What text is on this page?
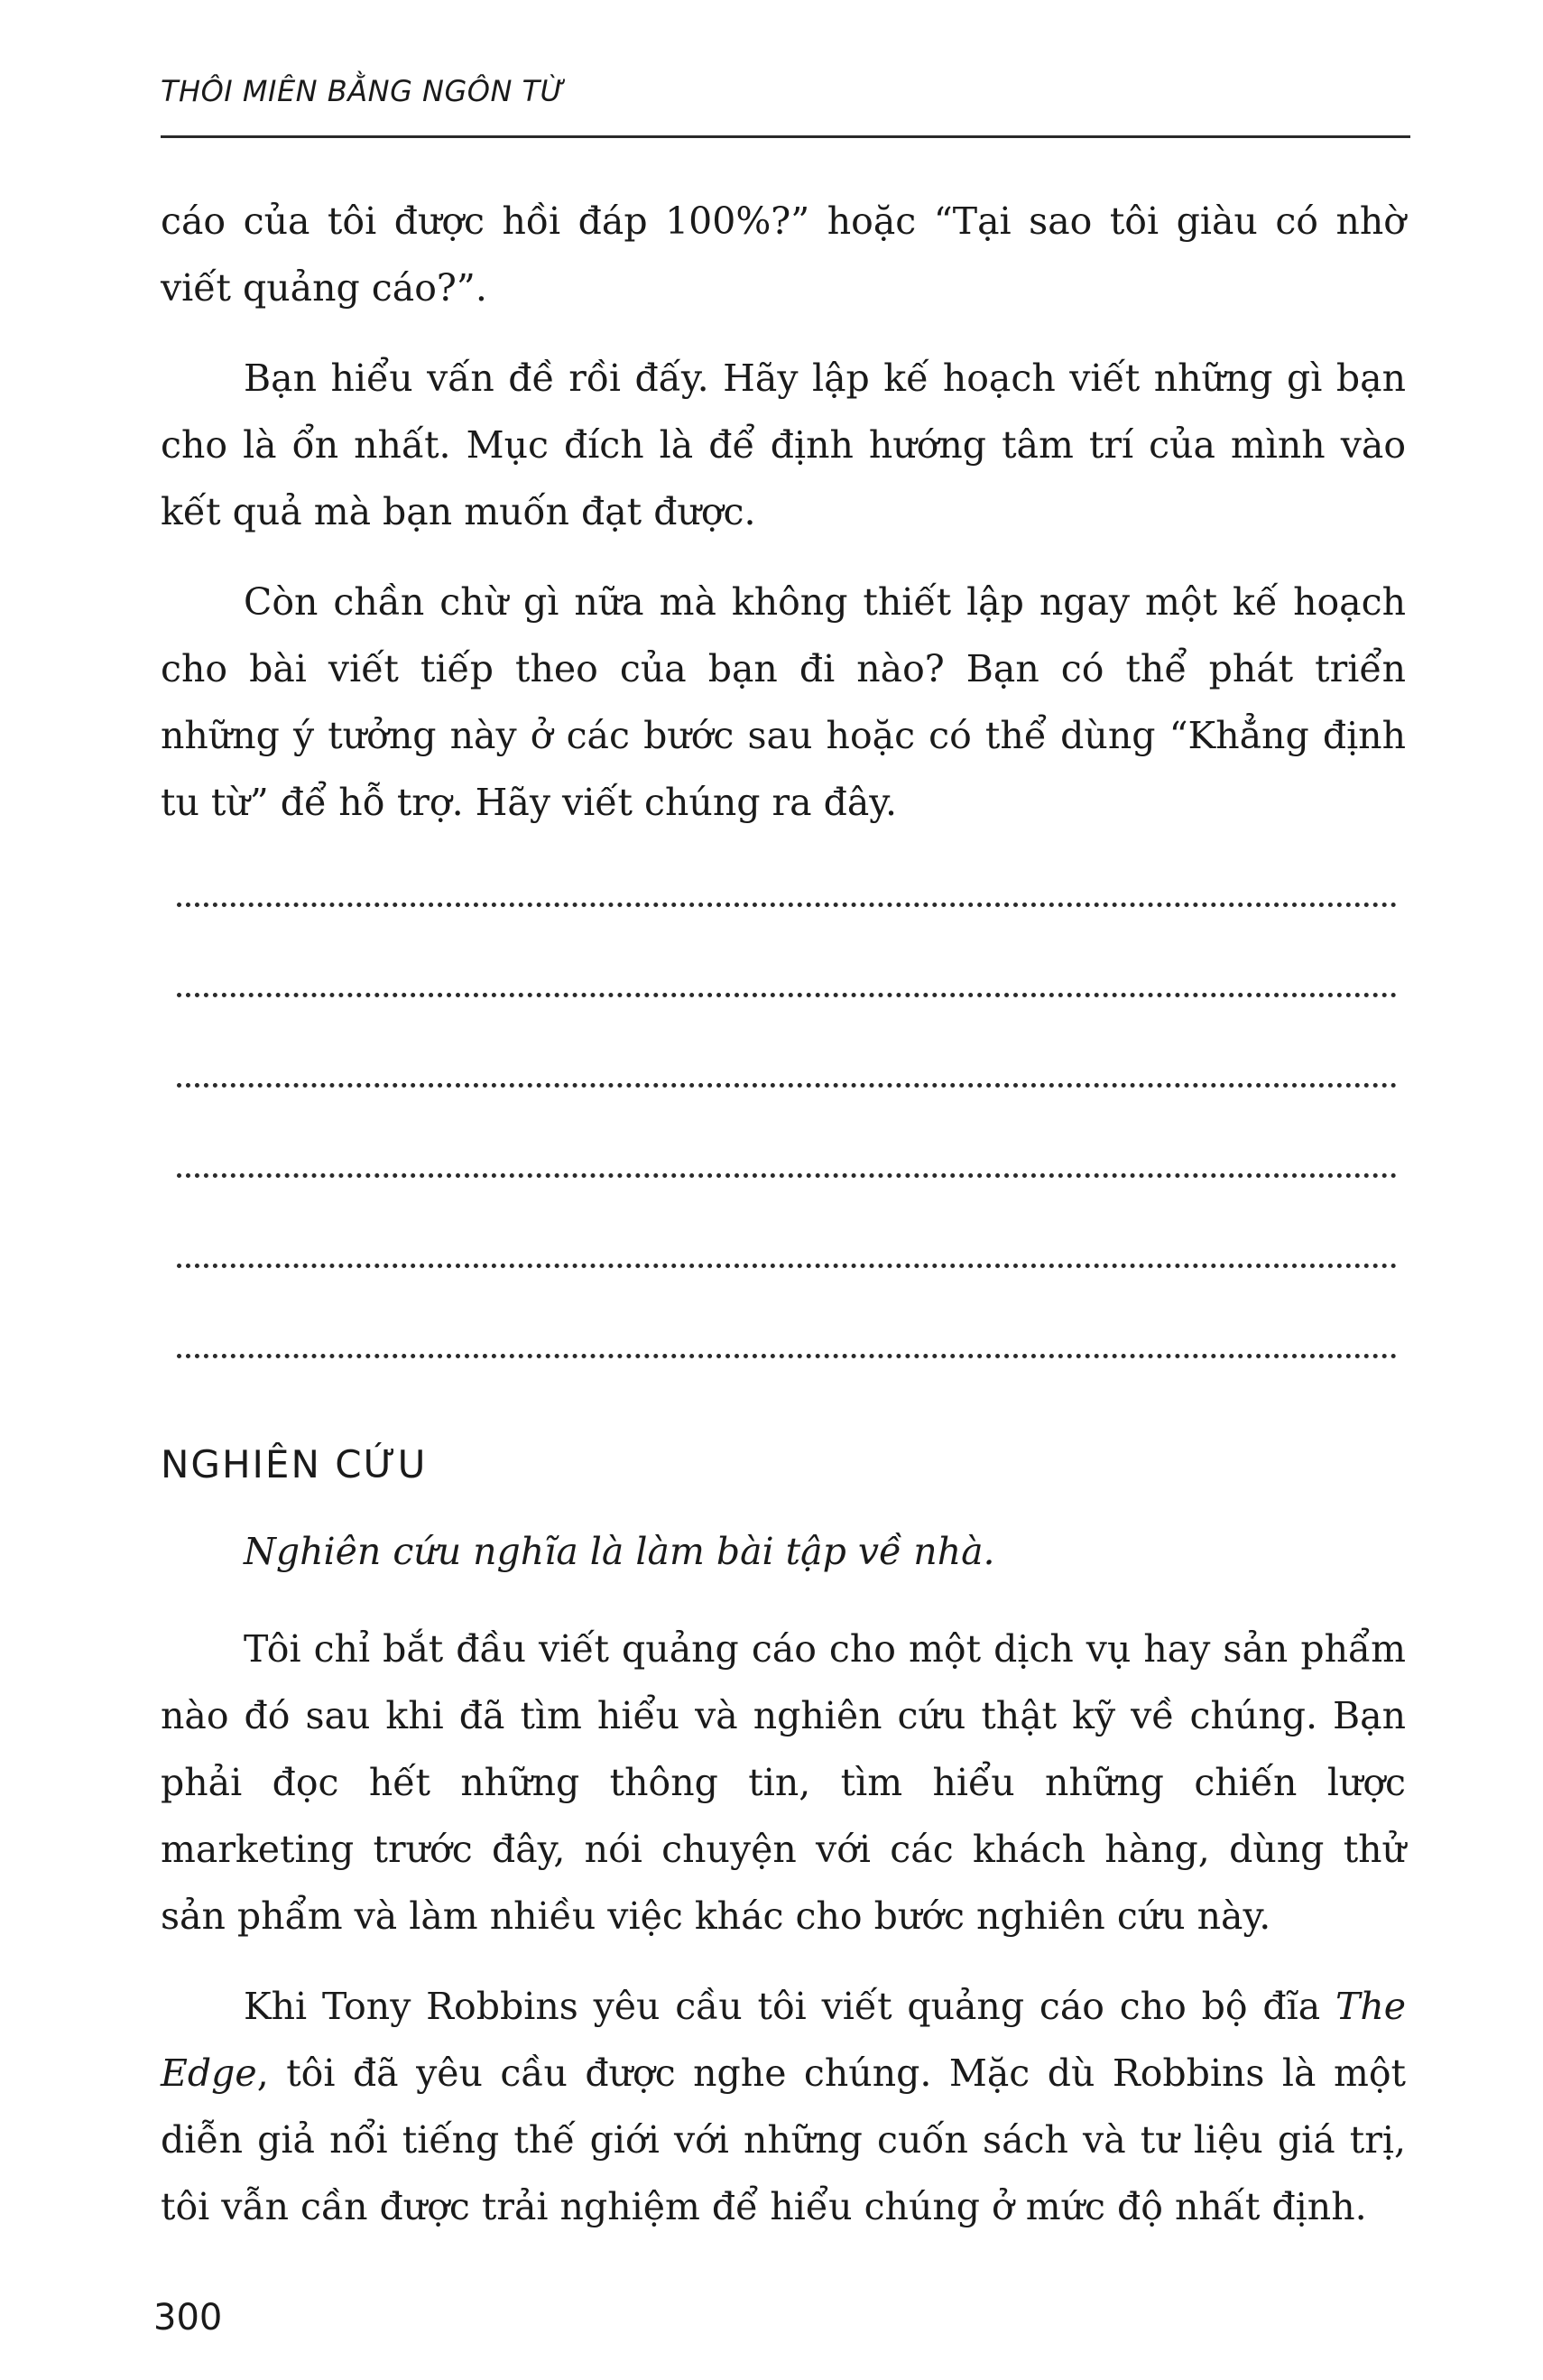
THÔI MIÊN BẰNG NGÔN TỪ

cáo của tôi được hồi đáp 100%?” hoặc “Tại sao tôi giàu có nhờ viết quảng cáo?”.

Bạn hiểu vấn đề rồi đấy. Hãy lập kế hoạch viết những gì bạn cho là ổn nhất. Mục đích là để định hướng tâm trí của mình vào kết quả mà bạn muốn đạt được.

Còn chần chừ gì nữa mà không thiết lập ngay một kế hoạch cho bài viết tiếp theo của bạn đi nào? Bạn có thể phát triển những ý tưởng này ở các bước sau hoặc có thể dùng “Khẳng định tu từ” để hỗ trợ. Hãy viết chúng ra đây.

NGHIÊN CỨU
Nghiên cứu nghĩa là làm bài tập về nhà.

Tôi chỉ bắt đầu viết quảng cáo cho một dịch vụ hay sản phẩm nào đó sau khi đã tìm hiểu và nghiên cứu thật kỹ về chúng. Bạn phải đọc hết những thông tin, tìm hiểu những chiến lược marketing trước đây, nói chuyện với các khách hàng, dùng thử sản phẩm và làm nhiều việc khác cho bước nghiên cứu này.

Khi Tony Robbins yêu cầu tôi viết quảng cáo cho bộ đĩa The Edge, tôi đã yêu cầu được nghe chúng. Mặc dù Robbins là một diễn giả nổi tiếng thế giới với những cuốn sách và tư liệu giá trị, tôi vẫn cần được trải nghiệm để hiểu chúng ở mức độ nhất định.

300
